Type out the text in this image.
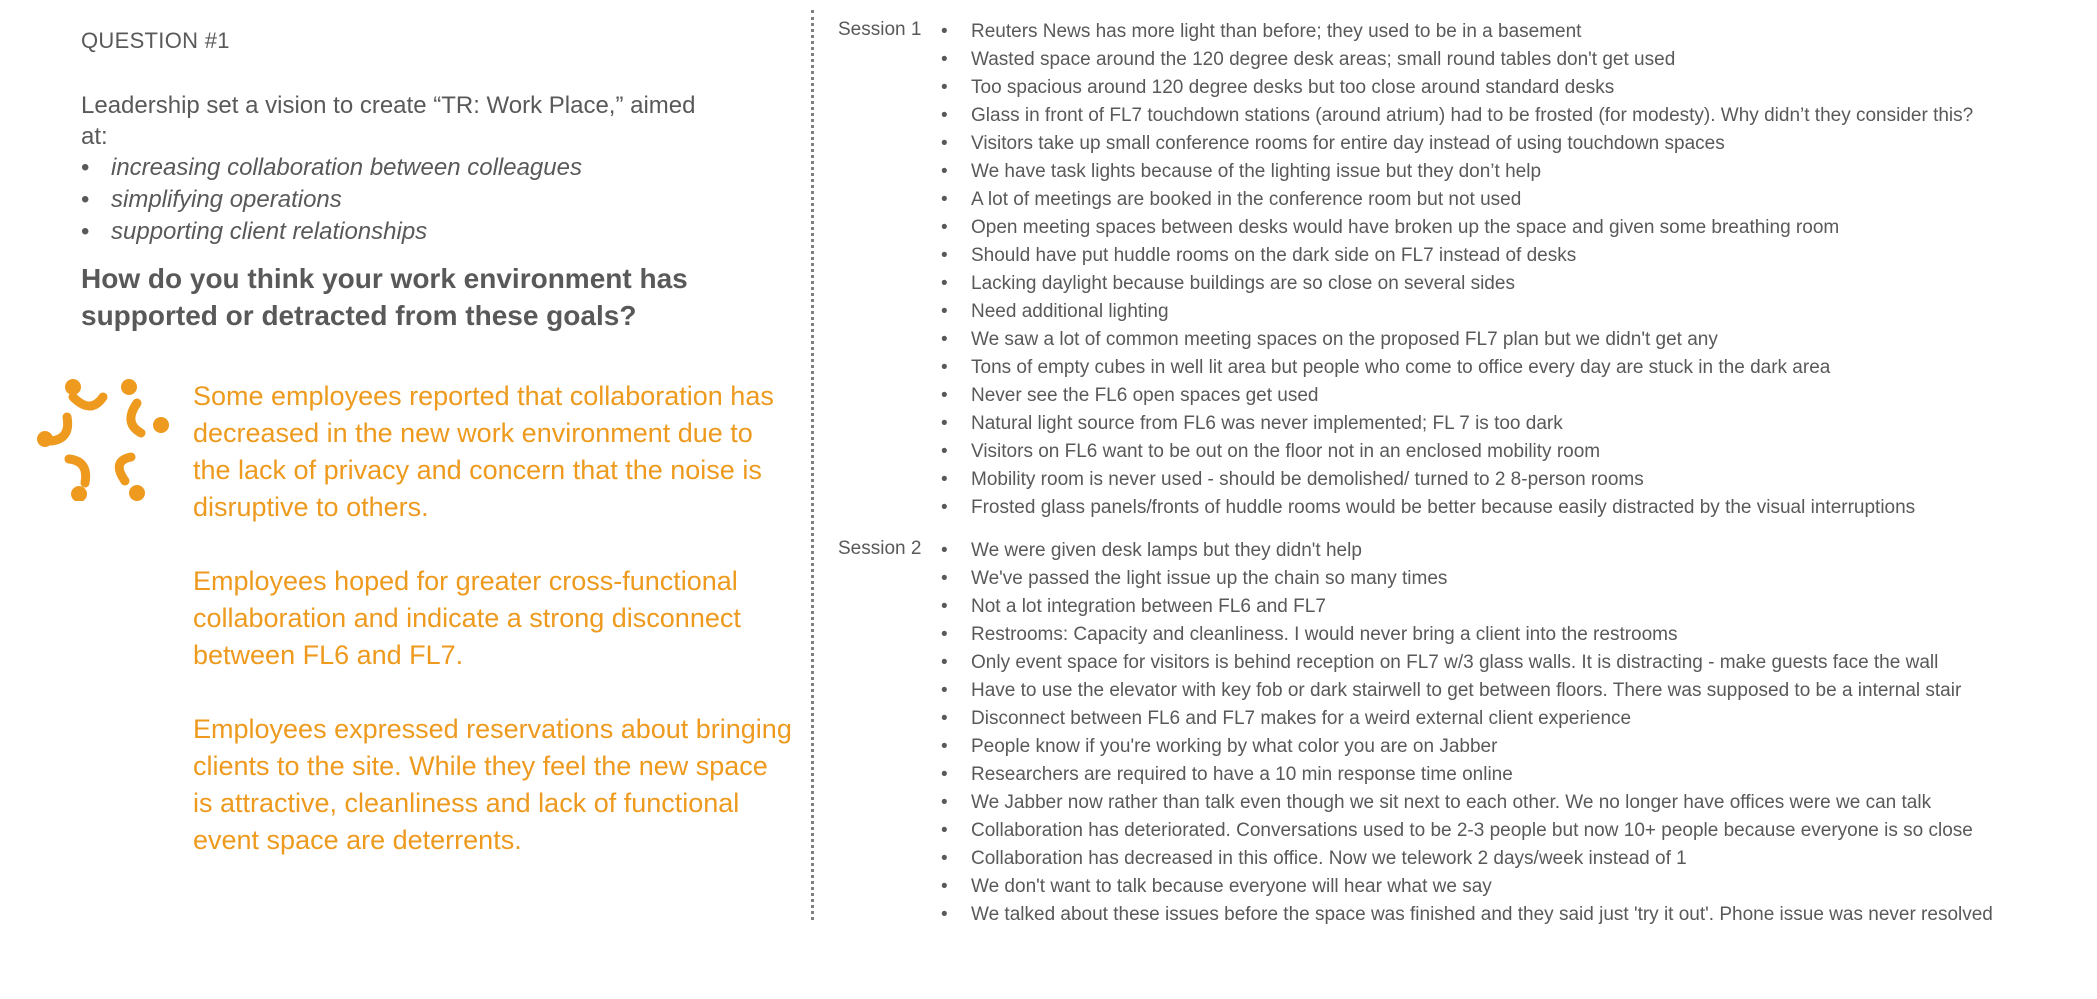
QUESTION #1

Leadership set a vision to create “TR: Work Place,” aimed at:

• increasing collaboration between colleagues
• simplifying operations
• supporting client relationships

How do you think your work environment has supported or detracted from these goals?

Some employees reported that collaboration has decreased in the new work environment due to the lack of privacy and concern that the noise is disruptive to others.

Employees hoped for greater cross-functional collaboration and indicate a strong disconnect between FL6 and FL7.

Employees expressed reservations about bringing clients to the site. While they feel the new space is attractive, cleanliness and lack of functional event space are deterrents.

Session 1	• Reuters News has more light than before; they used to be in a basement
• Wasted space around the 120 degree desk areas; small round tables don't get used
• Too spacious around 120 degree desks but too close around standard desks
• Glass in front of FL7 touchdown stations (around atrium) had to be frosted (for modesty). Why didn’t they consider this?
• Visitors take up small conference rooms for entire day instead of using touchdown spaces
• We have task lights because of the lighting issue but they don’t help
• A lot of meetings are booked in the conference room but not used
• Open meeting spaces between desks would have broken up the space and given some breathing room
• Should have put huddle rooms on the dark side on FL7 instead of desks
• Lacking daylight because buildings are so close on several sides
• Need additional lighting
• We saw a lot of common meeting spaces on the proposed FL7 plan but we didn't get any
• Tons of empty cubes in well lit area but people who come to office every day are stuck in the dark area
• Never see the FL6 open spaces get used
• Natural light source from FL6 was never implemented; FL 7 is too dark
• Visitors on FL6 want to be out on the floor not in an enclosed mobility room
• Mobility room is never used - should be demolished/ turned to 2 8-person rooms
• Frosted glass panels/fronts of huddle rooms would be better because easily distracted by the visual interruptions
Session 2	• We were given desk lamps but they didn't help
• We've passed the light issue up the chain so many times
• Not a lot integration between FL6 and FL7
• Restrooms: Capacity and cleanliness. I would never bring a client into the restrooms
• Only event space for visitors is behind reception on FL7 w/3 glass walls. It is distracting - make guests face the wall
• Have to use the elevator with key fob or dark stairwell to get between floors. There was supposed to be a internal stair
• Disconnect between FL6 and FL7 makes for a weird external client experience
• People know if you're working by what color you are on Jabber
• Researchers are required to have a 10 min response time online
• We Jabber now rather than talk even though we sit next to each other. We no longer have offices were we can talk
• Collaboration has deteriorated. Conversations used to be 2-3 people but now 10+ people because everyone is so close
• Collaboration has decreased in this office. Now we telework 2 days/week instead of 1
• We don't want to talk because everyone will hear what we say
• We talked about these issues before the space was finished and they said just 'try it out'. Phone issue was never resolved
